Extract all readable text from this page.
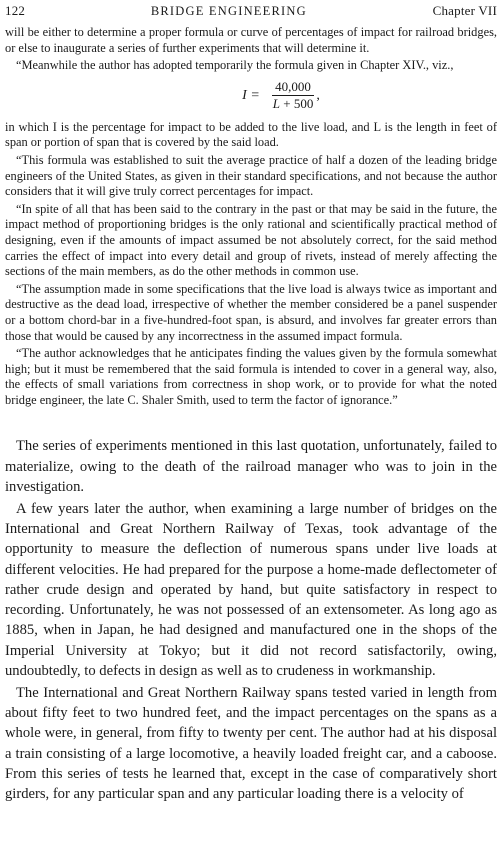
122	BRIDGE ENGINEERING	Chapter VII

will be either to determine a proper formula or curve of percentages of impact for railroad bridges, or else to inaugurate a series of further experiments that will determine it.

“Meanwhile the author has adopted temporarily the formula given in Chapter XIV., viz.,

$I = \frac{40,000}{L + 500}$ ,

in which I is the percentage for impact to be added to the live load, and L is the length in feet of span or portion of span that is covered by the said load.

“This formula was established to suit the average practice of half a dozen of the leading bridge engineers of the United States, as given in their standard specifications, and not because the author considers that it will give truly correct percentages for impact.

“In spite of all that has been said to the contrary in the past or that may be said in the future, the impact method of proportioning bridges is the only rational and scientifically practical method of designing, even if the amounts of impact assumed be not absolutely correct, for the said method carries the effect of impact into every detail and group of rivets, instead of merely affecting the sections of the main members, as do the other methods in common use.

“The assumption made in some specifications that the live load is always twice as important and destructive as the dead load, irrespective of whether the member considered be a panel suspender or a bottom chord-bar in a five-hundred-foot span, is absurd, and involves far greater errors than those that would be caused by any incorrectness in the assumed impact formula.

“The author acknowledges that he anticipates finding the values given by the formula somewhat high; but it must be remembered that the said formula is intended to cover in a general way, also, the effects of small variations from correctness in shop work, or to provide for what the noted bridge engineer, the late C. Shaler Smith, used to term the factor of ignorance.”

The series of experiments mentioned in this last quotation, unfortunately, failed to materialize, owing to the death of the railroad manager who was to join in the investigation.

A few years later the author, when examining a large number of bridges on the International and Great Northern Railway of Texas, took advantage of the opportunity to measure the deflection of numerous spans under live loads at different velocities. He had prepared for the purpose a home-made deflectometer of rather crude design and operated by hand, but quite satisfactory in respect to recording. Unfortunately, he was not possessed of an extensometer. As long ago as 1885, when in Japan, he had designed and manufactured one in the shops of the Imperial University at Tokyo; but it did not record satisfactorily, owing, undoubtedly, to defects in design as well as to crudeness in workmanship.

The International and Great Northern Railway spans tested varied in length from about fifty feet to two hundred feet, and the impact percentages on the spans as a whole were, in general, from fifty to twenty per cent. The author had at his disposal a train consisting of a large locomotive, a heavily loaded freight car, and a caboose. From this series of tests he learned that, except in the case of comparatively short girders, for any particular span and any particular loading there is a velocity of
